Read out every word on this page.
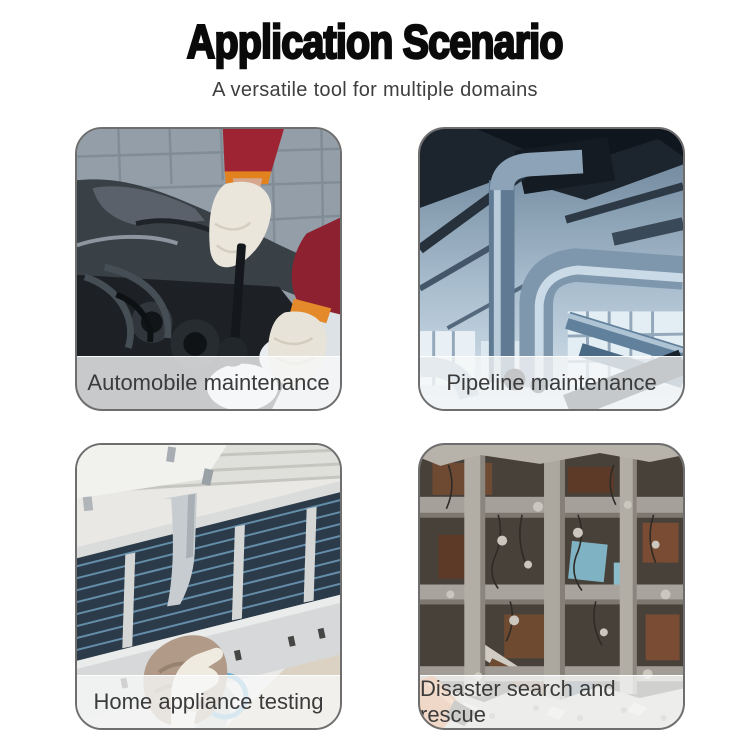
Application Scenario
A versatile tool for multiple domains
Automobile maintenance	Pipeline maintenance
Home appliance testing
Disaster search and rescue
